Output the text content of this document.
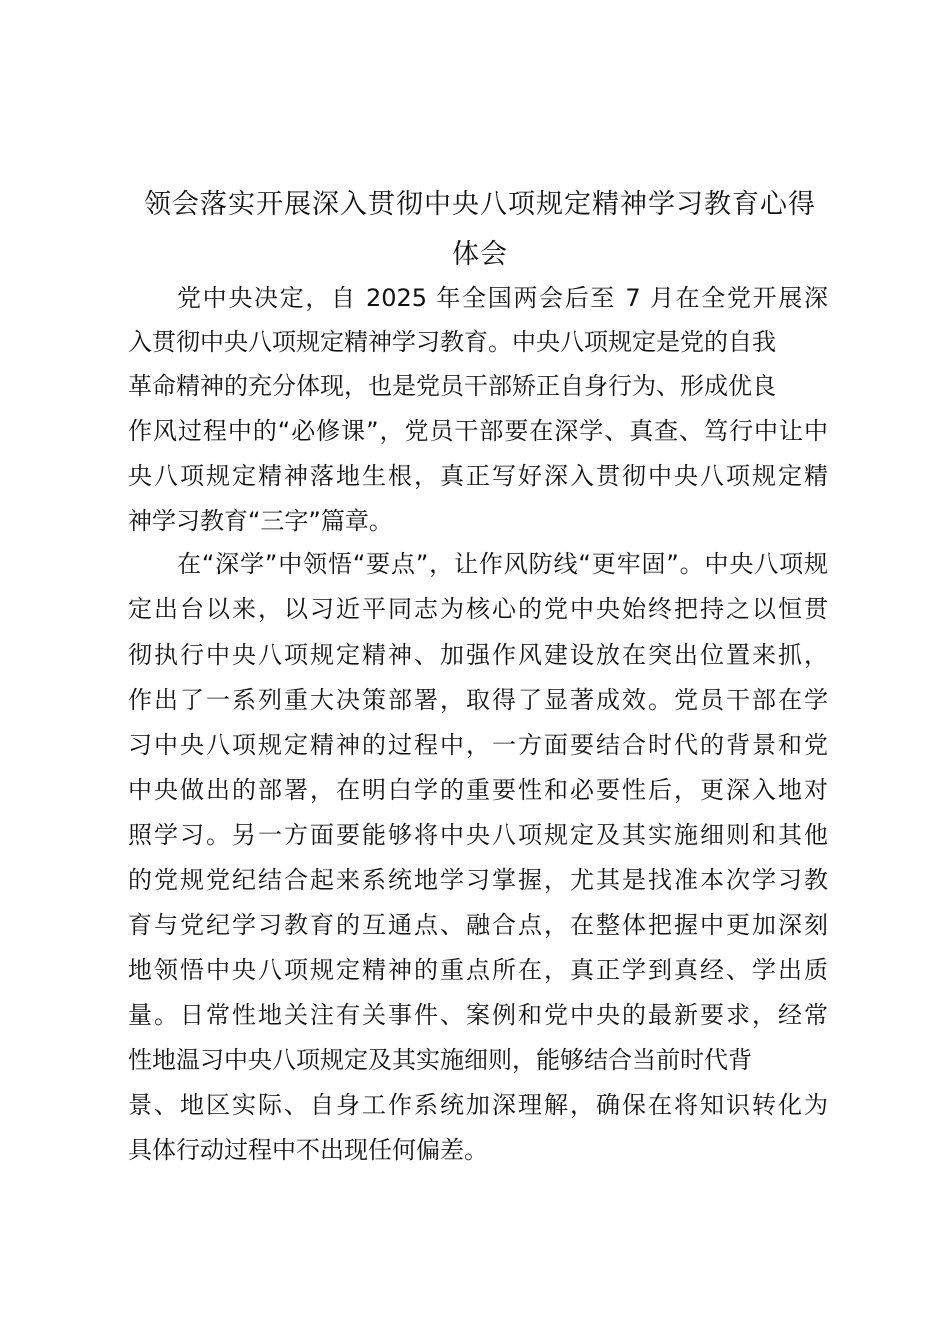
领会落实开展深入贯彻中央八项规定精神学习教育心得
体会
党中央决定，自 2025 年全国两会后至 7 月在全党开展深
入贯彻中央八项规定精神学习教育。中央八项规定是党的自我
革命精神的充分体现，也是党员干部矫正自身行为、形成优良
作风过程中的“必修课”，党员干部要在深学、真查、笃行中让中
央八项规定精神落地生根，真正写好深入贯彻中央八项规定精
神学习教育“三字”篇章。
在“深学”中领悟“要点”，让作风防线“更牢固”。中央八项规
定出台以来，以习近平同志为核心的党中央始终把持之以恒贯
彻执行中央八项规定精神、加强作风建设放在突出位置来抓，
作出了一系列重大决策部署，取得了显著成效。党员干部在学
习中央八项规定精神的过程中，一方面要结合时代的背景和党
中央做出的部署，在明白学的重要性和必要性后，更深入地对
照学习。另一方面要能够将中央八项规定及其实施细则和其他
的党规党纪结合起来系统地学习掌握，尤其是找准本次学习教
育与党纪学习教育的互通点、融合点，在整体把握中更加深刻
地领悟中央八项规定精神的重点所在，真正学到真经、学出质
量。日常性地关注有关事件、案例和党中央的最新要求，经常
性地温习中央八项规定及其实施细则，能够结合当前时代背
景、地区实际、自身工作系统加深理解，确保在将知识转化为
具体行动过程中不出现任何偏差。
